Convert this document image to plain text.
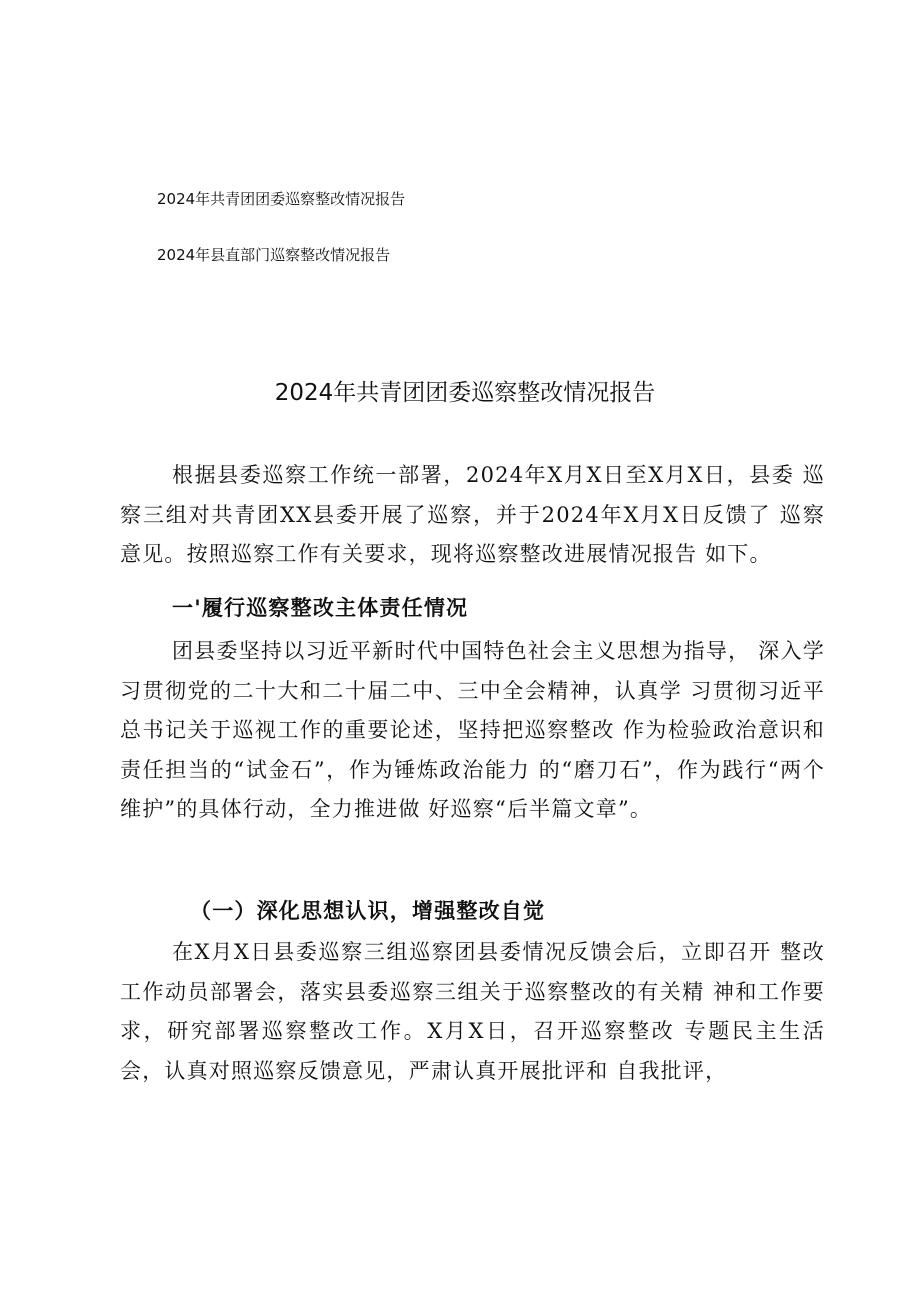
2024年共青团团委巡察整改情况报告
2024年县直部门巡察整改情况报告
2024年共青团团委巡察整改情况报告
根据县委巡察工作统一部署，2024年X月X日至X月X日，县委 巡察三组对共青团XX县委开展了巡察，并于2024年X月X日反馈了 巡察意见。按照巡察工作有关要求，现将巡察整改进展情况报告 如下。
一'履行巡察整改主体责任情况
团县委坚持以习近平新时代中国特色社会主义思想为指导， 深入学习贯彻党的二十大和二十届二中、三中全会精神，认真学 习贯彻习近平总书记关于巡视工作的重要论述，坚持把巡察整改 作为检验政治意识和责任担当的“试金石”，作为锤炼政治能力 的“磨刀石”，作为践行“两个维护”的具体行动，全力推进做 好巡察“后半篇文章”。
（一）深化思想认识，增强整改自觉
在X月X日县委巡察三组巡察团县委情况反馈会后，立即召开 整改工作动员部署会，落实县委巡察三组关于巡察整改的有关精 神和工作要求，研究部署巡察整改工作。X月X日，召开巡察整改 专题民主生活会，认真对照巡察反馈意见，严肃认真开展批评和 自我批评，
